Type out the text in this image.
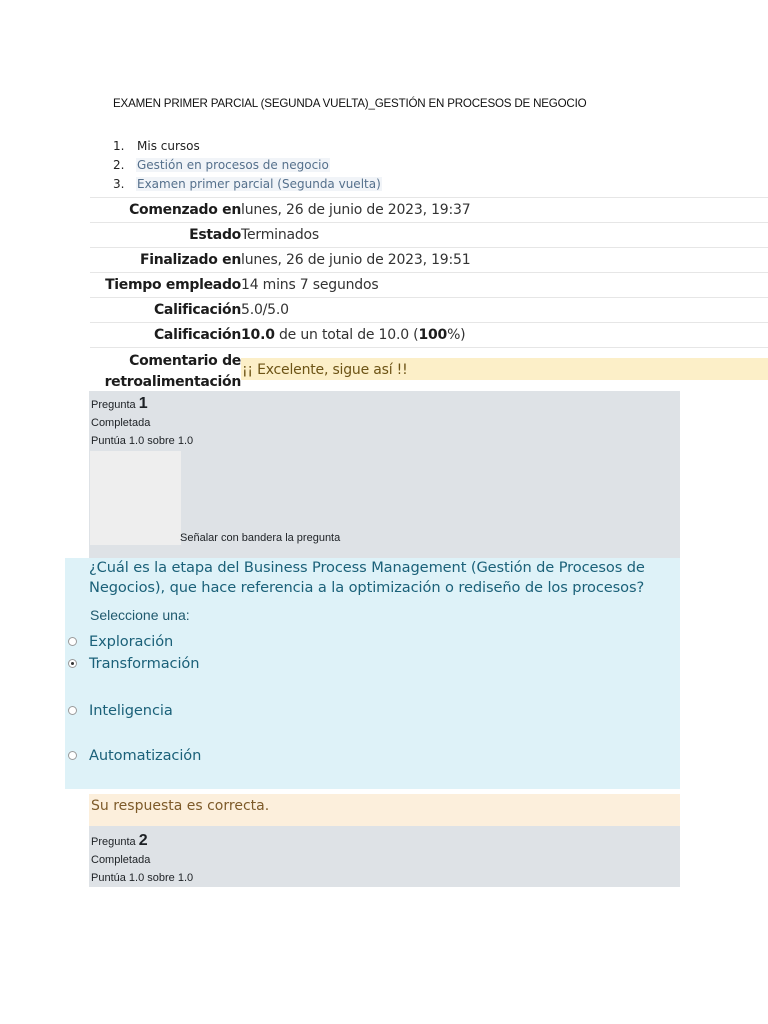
EXAMEN PRIMER PARCIAL (SEGUNDA VUELTA)_GESTIÓN EN PROCESOS DE NEGOCIO
1. Mis cursos
2. Gestión en procesos de negocio
3. Examen primer parcial (Segunda vuelta)
Comenzado en lunes, 26 de junio de 2023, 19:37
Estado Terminados
Finalizado en lunes, 26 de junio de 2023, 19:51
Tiempo empleado 14 mins 7 segundos
Calificación 5.0/5.0
Calificación 10.0 de un total de 10.0 (100%)
Comentario de
retroalimentación
¡¡ Excelente, sigue así !!
Pregunta 1
Completada
Puntúa 1.0 sobre 1.0
Señalar con bandera la pregunta
¿Cuál es la etapa del Business Process Management (Gestión de Procesos de Negocios), que hace referencia a la optimización o rediseño de los procesos?
Seleccione una:
Exploración
Transformación
Inteligencia
Automatización
Su respuesta es correcta.
Pregunta 2
Completada
Puntúa 1.0 sobre 1.0
